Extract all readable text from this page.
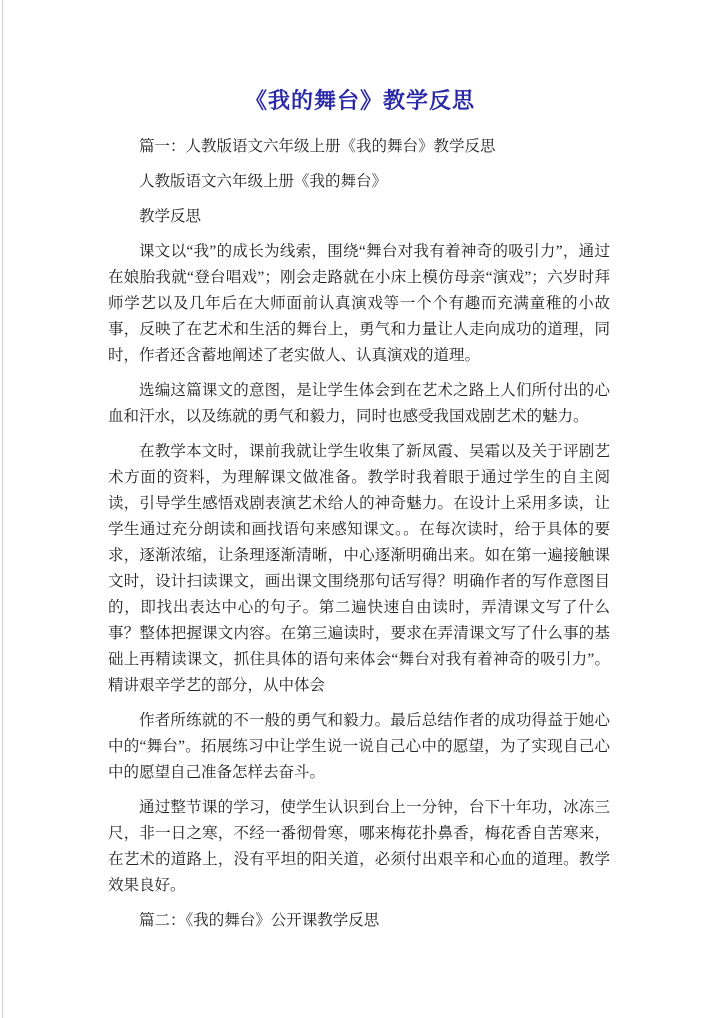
《我的舞台》教学反思

篇一：人教版语文六年级上册《我的舞台》教学反思

人教版语文六年级上册《我的舞台》

教学反思

课文以“我”的成长为线索，围绕“舞台对我有着神奇的吸引力”，通过在娘胎我就“登台唱戏”；刚会走路就在小床上模仿母亲“演戏”；六岁时拜师学艺以及几年后在大师面前认真演戏等一个个有趣而充满童稚的小故事，反映了在艺术和生活的舞台上，勇气和力量让人走向成功的道理，同时，作者还含蓄地阐述了老实做人、认真演戏的道理。

选编这篇课文的意图，是让学生体会到在艺术之路上人们所付出的心血和汗水，以及练就的勇气和毅力，同时也感受我国戏剧艺术的魅力。

在教学本文时，课前我就让学生收集了新凤霞、吴霜以及关于评剧艺术方面的资料，为理解课文做准备。教学时我着眼于通过学生的自主阅读，引导学生感悟戏剧表演艺术给人的神奇魅力。在设计上采用多读，让学生通过充分朗读和画找语句来感知课文。。在每次读时，给于具体的要求，逐渐浓缩，让条理逐渐清晰，中心逐渐明确出来。如在第一遍接触课文时，设计扫读课文，画出课文围绕那句话写得？明确作者的写作意图目的，即找出表达中心的句子。第二遍快速自由读时，弄清课文写了什么事？整体把握课文内容。在第三遍读时，要求在弄清课文写了什么事的基础上再精读课文，抓住具体的语句来体会“舞台对我有着神奇的吸引力”。精讲艰辛学艺的部分，从中体会

作者所练就的不一般的勇气和毅力。最后总结作者的成功得益于她心中的“舞台”。拓展练习中让学生说一说自己心中的愿望，为了实现自己心中的愿望自己准备怎样去奋斗。

通过整节课的学习，使学生认识到台上一分钟，台下十年功，冰冻三尺，非一日之寒，不经一番彻骨寒，哪来梅花扑鼻香，梅花香自苦寒来，在艺术的道路上，没有平坦的阳关道，必须付出艰辛和心血的道理。教学效果良好。

篇二：《我的舞台》公开课教学反思
